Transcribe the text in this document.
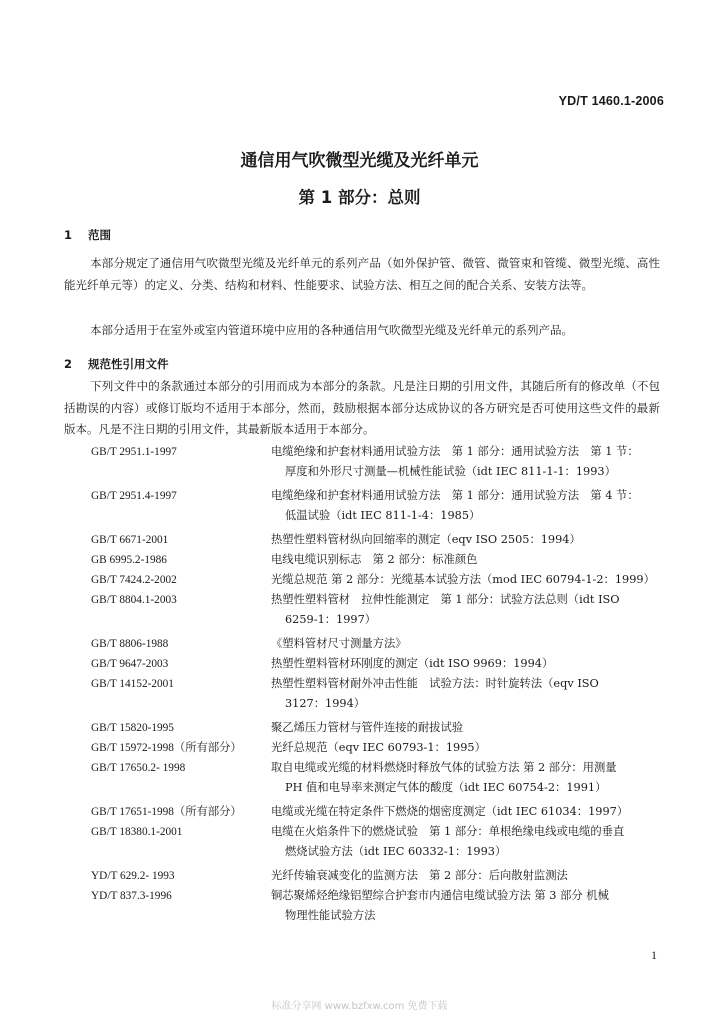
YD/T 1460.1-2006
通信用气吹微型光缆及光纤单元
第 1 部分：总则
1 范围
本部分规定了通信用气吹微型光缆及光纤单元的系列产品（如外保护管、微管、微管束和管缆、微型光缆、高性能光纤单元等）的定义、分类、结构和材料、性能要求、试验方法、相互之间的配合关系、安装方法等。
本部分适用于在室外或室内管道环境中应用的各种通信用气吹微型光缆及光纤单元的系列产品。
2 规范性引用文件
下列文件中的条款通过本部分的引用而成为本部分的条款。凡是注日期的引用文件，其随后所有的修改单（不包括勘误的内容）或修订版均不适用于本部分，然而，鼓励根据本部分达成协议的各方研究是否可使用这些文件的最新版本。凡是不注日期的引用文件，其最新版本适用于本部分。
GB/T 2951.1-1997	电缆绝缘和护套材料通用试验方法　第 1 部分：通用试验方法　第 1 节：
厚度和外形尺寸测量—机械性能试验（idt IEC 811-1-1：1993）
GB/T 2951.4-1997	电缆绝缘和护套材料通用试验方法　第 1 部分：通用试验方法　第 4 节：
低温试验（idt IEC 811-1-4：1985）
GB/T 6671-2001	热塑性塑料管材纵向回缩率的测定（eqv ISO 2505：1994）
GB 6995.2-1986	电线电缆识别标志　第 2 部分：标准颜色
GB/T 7424.2-2002	光缆总规范 第 2 部分：光缆基本试验方法（mod IEC 60794-1-2：1999）
GB/T 8804.1-2003	热塑性塑料管材　拉伸性能测定　第 1 部分：试验方法总则（idt ISO
6259-1：1997）
GB/T 8806-1988	《塑料管材尺寸测量方法》
GB/T 9647-2003	热塑性塑料管材环刚度的测定（idt ISO 9969：1994）
GB/T 14152-2001	热塑性塑料管材耐外冲击性能　试验方法：时针旋转法（eqv ISO
3127：1994）
GB/T 15820-1995	聚乙烯压力管材与管件连接的耐拔试验
GB/T 15972-1998（所有部分）	光纤总规范（eqv IEC 60793-1：1995）
GB/T 17650.2- 1998	取自电缆或光缆的材料燃烧时释放气体的试验方法 第 2 部分：用测量
PH 值和电导率来测定气体的酸度（idt IEC 60754-2：1991）
GB/T 17651-1998（所有部分）	电缆或光缆在特定条件下燃烧的烟密度测定（idt IEC 61034：1997）
GB/T 18380.1-2001	电缆在火焰条件下的燃烧试验　第 1 部分：单根绝缘电线或电缆的垂直
燃烧试验方法（idt IEC 60332-1：1993）
YD/T 629.2- 1993	光纤传输衰减变化的监测方法　第 2 部分：后向散射监测法
YD/T 837.3-1996	铜芯聚烯烃绝缘铝塑综合护套市内通信电缆试验方法 第 3 部分 机械
物理性能试验方法
1
标准分享网 www.bzfxw.com 免费下载
